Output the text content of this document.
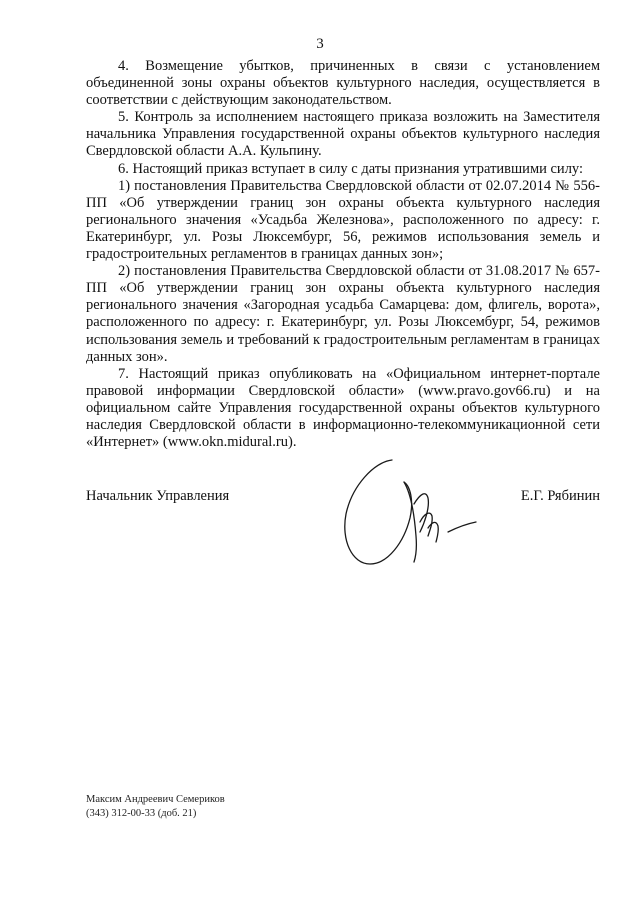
3

4. Возмещение убытков, причиненных в связи с установлением объединенной зоны охраны объектов культурного наследия, осуществляется в соответствии с действующим законодательством.

5. Контроль за исполнением настоящего приказа возложить на Заместителя начальника Управления государственной охраны объектов культурного наследия Свердловской области А.А. Кульпину.

6. Настоящий приказ вступает в силу с даты признания утратившими силу:

1) постановления Правительства Свердловской области от 02.07.2014 № 556-ПП «Об утверждении границ зон охраны объекта культурного наследия регионального значения «Усадьба Железнова», расположенного по адресу: г. Екатеринбург, ул. Розы Люксембург, 56, режимов использования земель и градостроительных регламентов в границах данных зон»;

2) постановления Правительства Свердловской области от 31.08.2017 № 657-ПП «Об утверждении границ зон охраны объекта культурного наследия регионального значения «Загородная усадьба Самарцева: дом, флигель, ворота», расположенного по адресу: г. Екатеринбург, ул. Розы Люксембург, 54, режимов использования земель и требований к градостроительным регламентам в границах данных зон».

7. Настоящий приказ опубликовать на «Официальном интернет-портале правовой информации Свердловской области» (www.pravo.gov66.ru) и на официальном сайте Управления государственной охраны объектов культурного наследия Свердловской области в информационно-телекоммуникационной сети «Интернет» (www.okn.midural.ru).

Начальник Управления	Е.Г. Рябинин
Максим Андреевич Семериков
(343) 312-00-33 (доб. 21)
